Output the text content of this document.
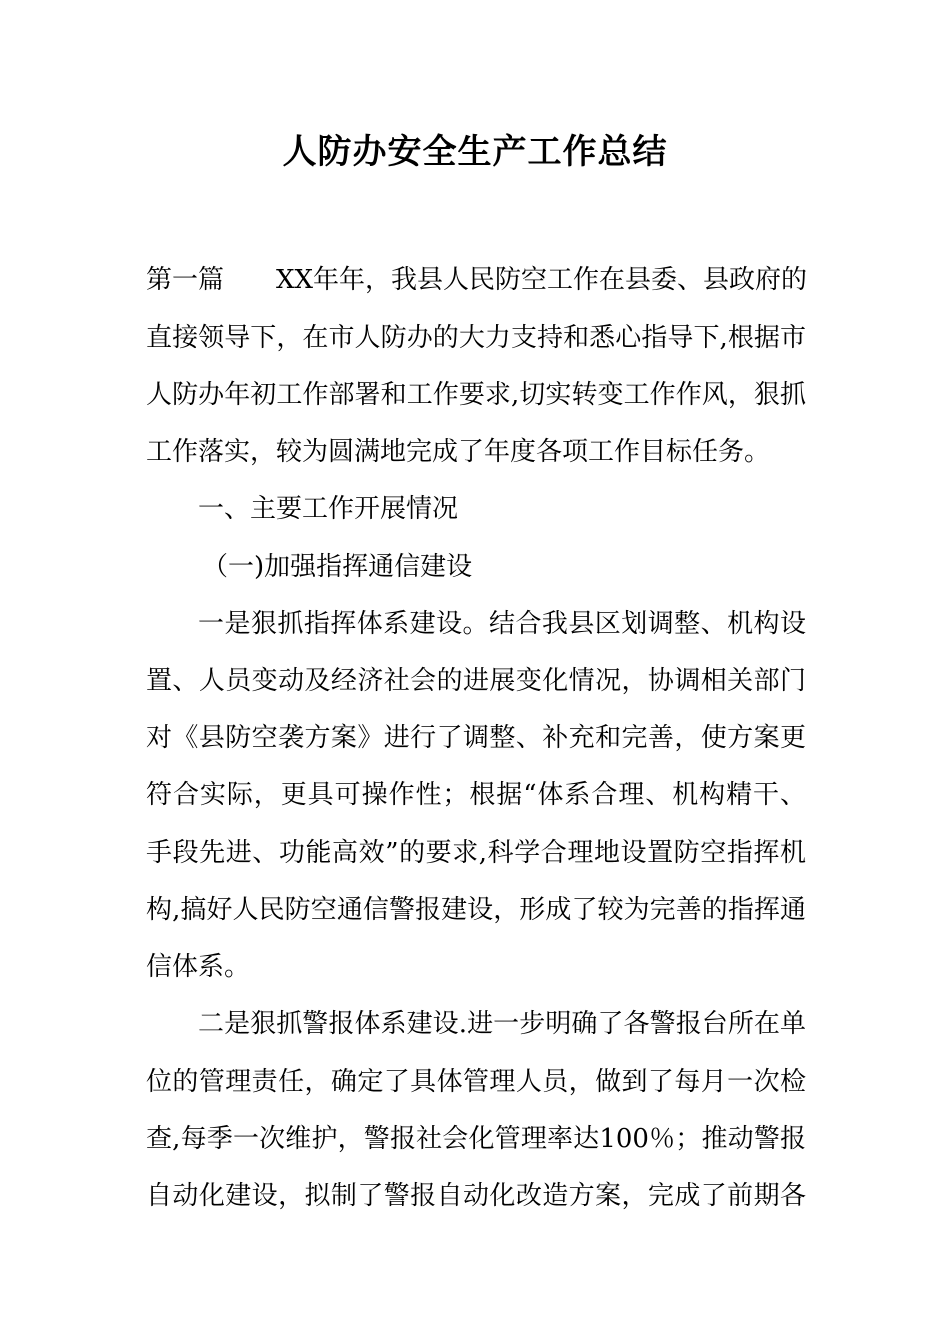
人防办安全生产工作总结

第一篇 XX年年，我县人民防空工作在县委、县政府的

直接领导下，在市人防办的大力支持和悉心指导下,根据市

人防办年初工作部署和工作要求,切实转变工作作风，狠抓

工作落实，较为圆满地完成了年度各项工作目标任务。

一、主要工作开展情况

（一)加强指挥通信建设

一是狠抓指挥体系建设。结合我县区划调整、机构设

置、人员变动及经济社会的进展变化情况，协调相关部门

对《县防空袭方案》进行了调整、补充和完善，使方案更

符合实际，更具可操作性；根据“体系合理、机构精干、

手段先进、功能高效”的要求,科学合理地设置防空指挥机

构,搞好人民防空通信警报建设，形成了较为完善的指挥通

信体系。

二是狠抓警报体系建设.进一步明确了各警报台所在单

位的管理责任，确定了具体管理人员，做到了每月一次检

查,每季一次维护，警报社会化管理率达100％；推动警报

自动化建设，拟制了警报自动化改造方案，完成了前期各
